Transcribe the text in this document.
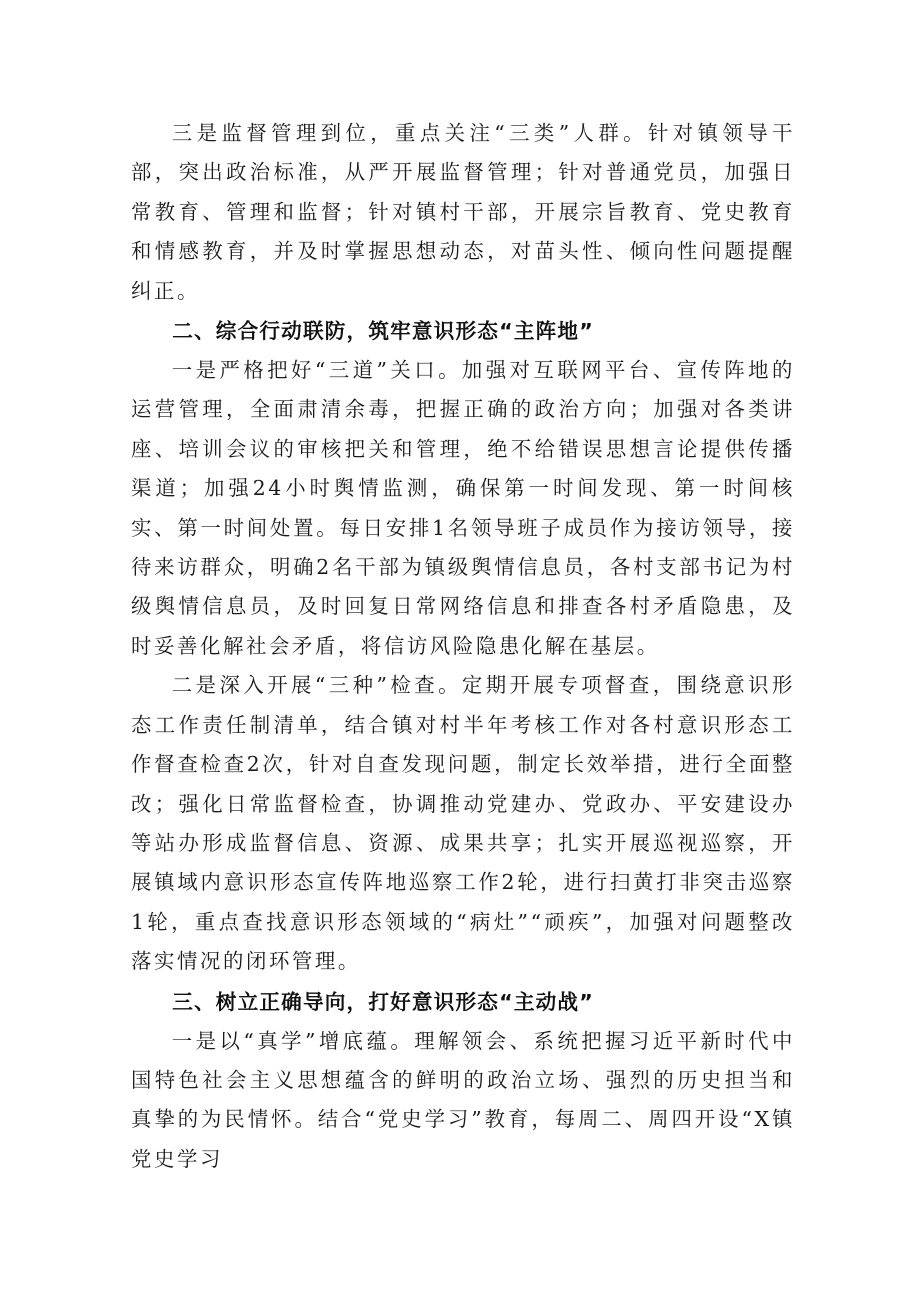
三是监督管理到位，重点关注“三类”人群。针对镇领导干部，突出政治标准，从严开展监督管理；针对普通党员，加强日常教育、管理和监督；针对镇村干部，开展宗旨教育、党史教育和情感教育，并及时掌握思想动态，对苗头性、倾向性问题提醒纠正。

二、综合行动联防，筑牢意识形态“主阵地”

一是严格把好“三道”关口。加强对互联网平台、宣传阵地的运营管理，全面肃清余毒，把握正确的政治方向；加强对各类讲座、培训会议的审核把关和管理，绝不给错误思想言论提供传播渠道；加强24小时舆情监测，确保第一时间发现、第一时间核实、第一时间处置。每日安排1名领导班子成员作为接访领导，接待来访群众，明确2名干部为镇级舆情信息员，各村支部书记为村级舆情信息员，及时回复日常网络信息和排查各村矛盾隐患，及时妥善化解社会矛盾，将信访风险隐患化解在基层。

二是深入开展“三种”检查。定期开展专项督查，围绕意识形态工作责任制清单，结合镇对村半年考核工作对各村意识形态工作督查检查2次，针对自查发现问题，制定长效举措，进行全面整改；强化日常监督检查，协调推动党建办、党政办、平安建设办等站办形成监督信息、资源、成果共享；扎实开展巡视巡察，开展镇域内意识形态宣传阵地巡察工作2轮，进行扫黄打非突击巡察1轮，重点查找意识形态领域的“病灶”“顽疾”，加强对问题整改落实情况的闭环管理。

三、树立正确导向，打好意识形态“主动战”

一是以“真学”增底蕴。理解领会、系统把握习近平新时代中国特色社会主义思想蕴含的鲜明的政治立场、强烈的历史担当和真挚的为民情怀。结合“党史学习”教育，每周二、周四开设“X镇党史学习
